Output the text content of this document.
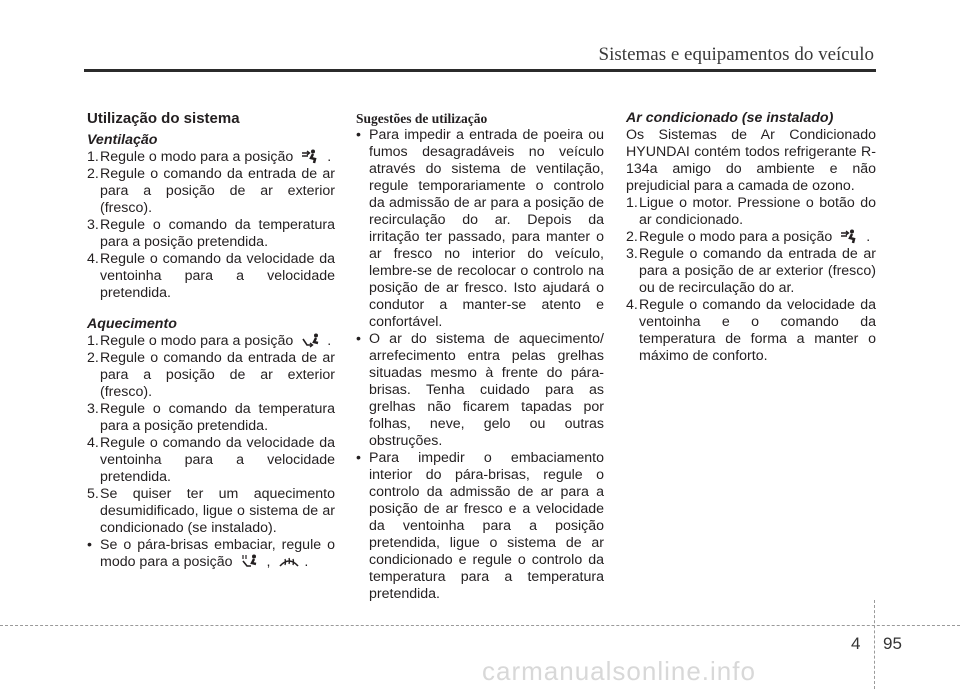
Sistemas e equipamentos do veículo
Utilização do sistema
Ventilação
1. Regule o modo para a posição .
2. Regule o comando da entrada de ar para a posição de ar exterior (fresco).
3. Regule o comando da temperatura para a posição pretendida.
4. Regule o comando da velocidade da ventoinha para a velocidade pretendida.
Aquecimento
1. Regule o modo para a posição .
2. Regule o comando da entrada de ar para a posição de ar exterior (fresco).
3. Regule o comando da temperatura para a posição pretendida.
4. Regule o comando da velocidade da ventoinha para a velocidade pretendida.
5. Se quiser ter um aquecimento desumidificado, ligue o sistema de ar condicionado (se instalado).
• Se o pára-brisas embaciar, regule o modo para a posição , .
Sugestões de utilização
• Para impedir a entrada de poeira ou fumos desagradáveis no veículo através do sistema de ventilação, regule temporariamente o controlo da admissão de ar para a posição de recirculação do ar. Depois da irritação ter passado, para manter o ar fresco no interior do veículo, lembre-se de recolocar o controlo na posição de ar fresco. Isto ajudará o condutor a manter-se atento e confortável.
• O ar do sistema de aquecimento/ arrefecimento entra pelas grelhas situadas mesmo à frente do pára-brisas. Tenha cuidado para as grelhas não ficarem tapadas por folhas, neve, gelo ou outras obstruções.
• Para impedir o embaciamento interior do pára-brisas, regule o controlo da admissão de ar para a posição de ar fresco e a velocidade da ventoinha para a posição pretendida, ligue o sistema de ar condicionado e regule o controlo da temperatura para a temperatura pretendida.
Ar condicionado (se instalado)

Os Sistemas de Ar Condicionado HYUNDAI contém todos refrigerante R-134a amigo do ambiente e não prejudicial para a camada de ozono.

1. Ligue o motor. Pressione o botão do ar condicionado.
2. Regule o modo para a posição .
3. Regule o comando da entrada de ar para a posição de ar exterior (fresco) ou de recirculação do ar.
4. Regule o comando da velocidade da ventoinha e o comando da temperatura de forma a manter o máximo de conforto.
4 95
carmanualsonline.info
